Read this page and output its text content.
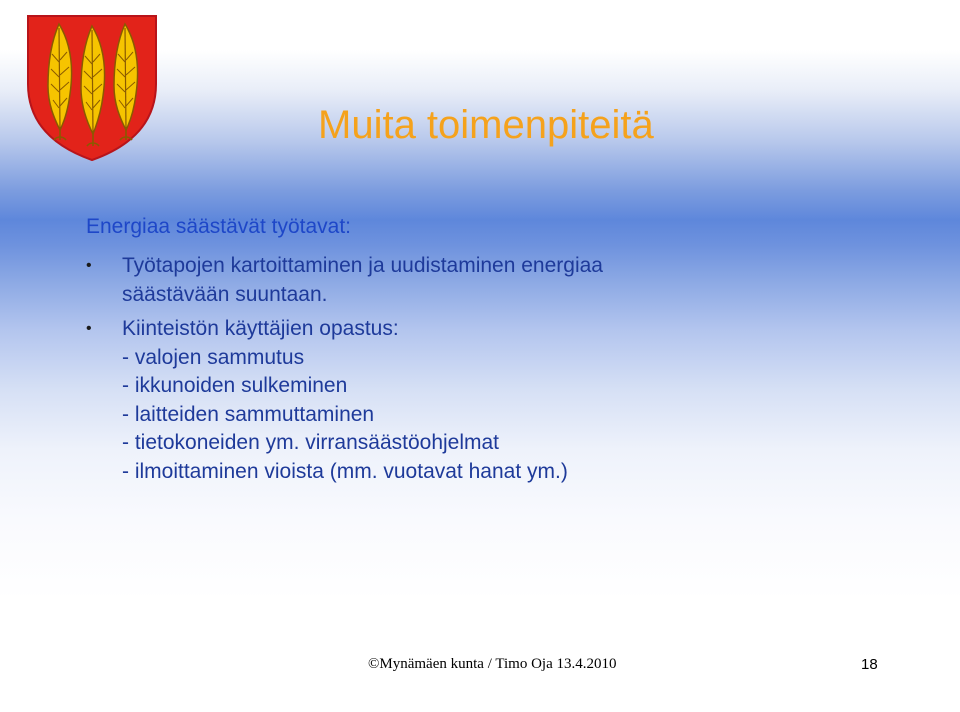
Muita toimenpiteitä
Energiaa säästävät työtavat:
• Työtapojen kartoittaminen ja uudistaminen energiaa
säästävään suuntaan.
• Kiinteistön käyttäjien opastus:
- valojen sammutus
- ikkunoiden sulkeminen
- laitteiden sammuttaminen
- tietokoneiden ym. virransäästöohjelmat
- ilmoittaminen vioista (mm. vuotavat hanat ym.)
©Mynämäen kunta / Timo Oja 13.4.2010	18
